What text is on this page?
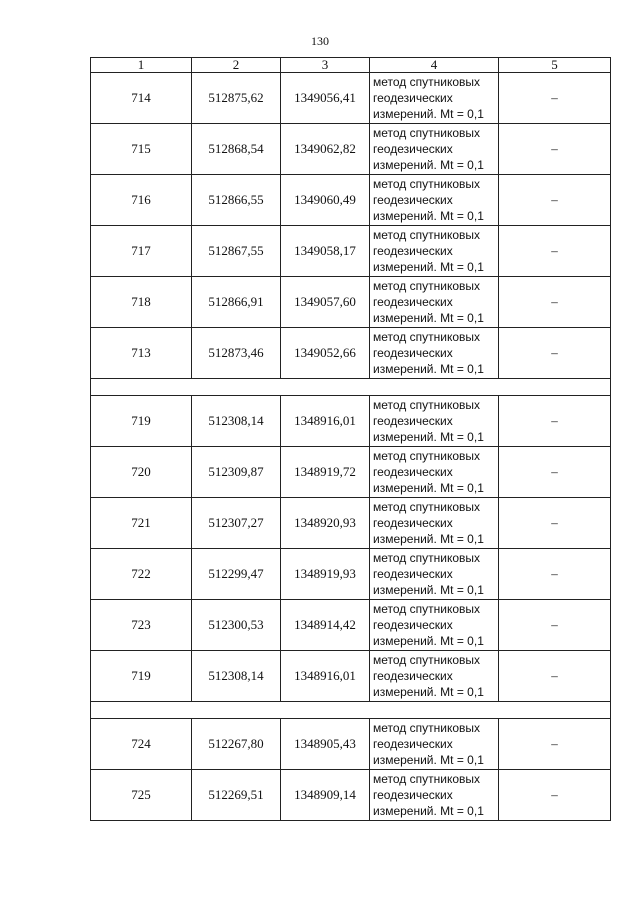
130
1	2	3	4	5
714	512875,62	1349056,41	метод спутниковых
геодезических
измерений. Mt = 0,1	–
715	512868,54	1349062,82	метод спутниковых
геодезических
измерений. Mt = 0,1	–
716	512866,55	1349060,49	метод спутниковых
геодезических
измерений. Mt = 0,1	–
717	512867,55	1349058,17	метод спутниковых
геодезических
измерений. Mt = 0,1	–
718	512866,91	1349057,60	метод спутниковых
геодезических
измерений. Mt = 0,1	–
713	512873,46	1349052,66	метод спутниковых
геодезических
измерений. Mt = 0,1	–

719	512308,14	1348916,01	метод спутниковых
геодезических
измерений. Mt = 0,1	–
720	512309,87	1348919,72	метод спутниковых
геодезических
измерений. Mt = 0,1	–
721	512307,27	1348920,93	метод спутниковых
геодезических
измерений. Mt = 0,1	–
722	512299,47	1348919,93	метод спутниковых
геодезических
измерений. Mt = 0,1	–
723	512300,53	1348914,42	метод спутниковых
геодезических
измерений. Mt = 0,1	–
719	512308,14	1348916,01	метод спутниковых
геодезических
измерений. Mt = 0,1	–

724	512267,80	1348905,43	метод спутниковых
геодезических
измерений. Mt = 0,1	–
725	512269,51	1348909,14	метод спутниковых
геодезических
измерений. Mt = 0,1	–
